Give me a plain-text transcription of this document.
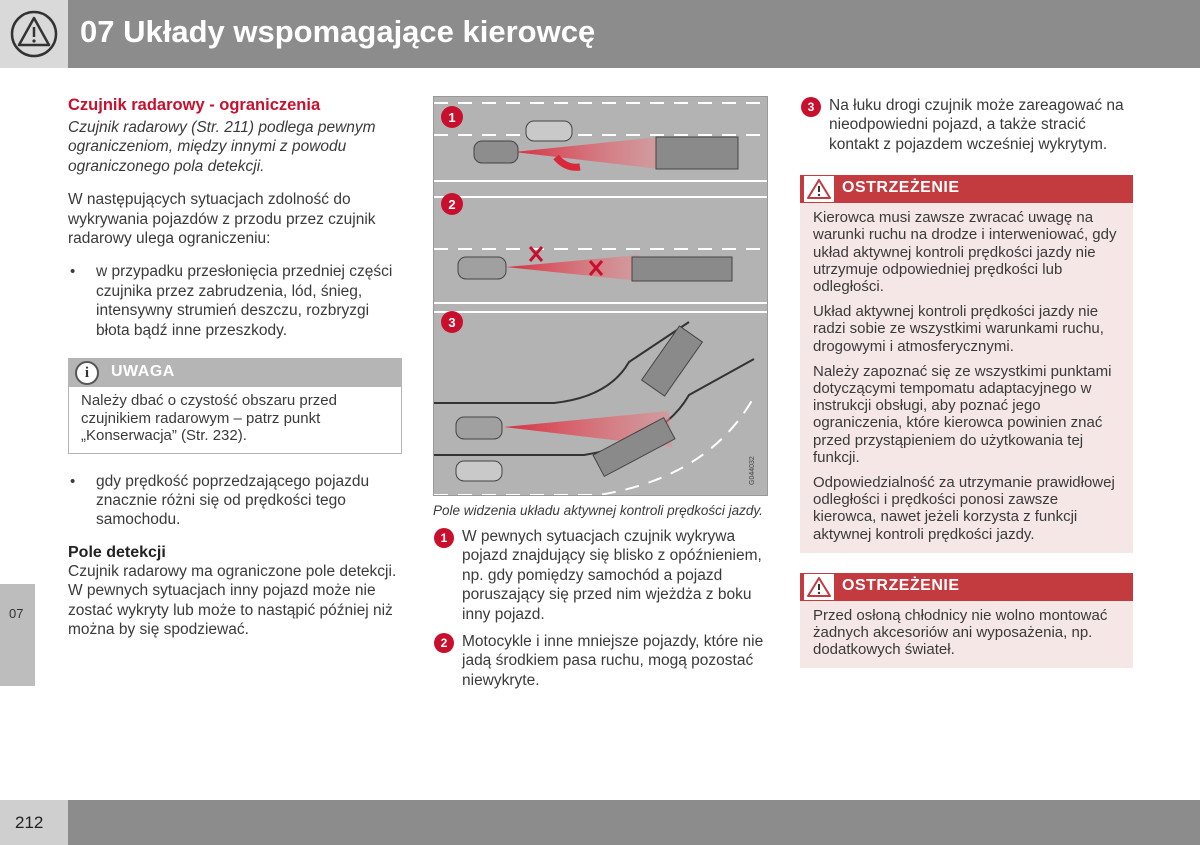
07 Układy wspomagające kierowcę
Czujnik radarowy - ograniczenia

Czujnik radarowy (Str. 211) podlega pewnym ograniczeniom, między innymi z powodu ograniczonego pola detekcji.

W następujących sytuacjach zdolność do wykrywania pojazdów z przodu przez czujnik radarowy ulega ograniczeniu:

• w przypadku przesłonięcia przedniej części czujnika przez zabrudzenia, lód, śnieg, intensywny strumień deszczu, rozbryzgi błota bądź inne przeszkody.
i	UWAGA
Należy dbać o czystość obszaru przed czujnikiem radarowym – patrz punkt „Konserwacja” (Str. 232).
• gdy prędkość poprzedzającego pojazdu znacznie różni się od prędkości tego samochodu.
Pole detekcji

Czujnik radarowy ma ograniczone pole detekcji. W pewnych sytuacjach inny pojazd może nie zostać wykryty lub może to nastąpić później niż można by się spodziewać.

1
2
3
G044032
Pole widzenia układu aktywnej kontroli prędkości jazdy.
1 W pewnych sytuacjach czujnik wykrywa pojazd znajdujący się blisko z opóźnieniem, np. gdy pomiędzy samochód a pojazd poruszający się przed nim wjeżdża z boku inny pojazd.
2 Motocykle i inne mniejsze pojazdy, które nie jadą środkiem pasa ruchu, mogą pozostać niewykryte.
3 Na łuku drogi czujnik może zareagować na nieodpowiedni pojazd, a także stracić kontakt z pojazdem wcześniej wykrytym.
OSTRZEŻENIE

Kierowca musi zawsze zwracać uwagę na warunki ruchu na drodze i interweniować, gdy układ aktywnej kontroli prędkości jazdy nie utrzymuje odpowiedniej prędkości lub odległości.

Układ aktywnej kontroli prędkości jazdy nie radzi sobie ze wszystkimi warunkami ruchu, drogowymi i atmosferycznymi.

Należy zapoznać się ze wszystkimi punktami dotyczącymi tempomatu adaptacyjnego w instrukcji obsługi, aby poznać jego ograniczenia, które kierowca powinien znać przed przystąpieniem do użytkowania tej funkcji.

Odpowiedzialność za utrzymanie prawidłowej odległości i prędkości ponosi zawsze kierowca, nawet jeżeli korzysta z funkcji aktywnej kontroli prędkości jazdy.

OSTRZEŻENIE

Przed osłoną chłodnicy nie wolno montować żadnych akcesoriów ani wyposażenia, np. dodatkowych świateł.

07
212
